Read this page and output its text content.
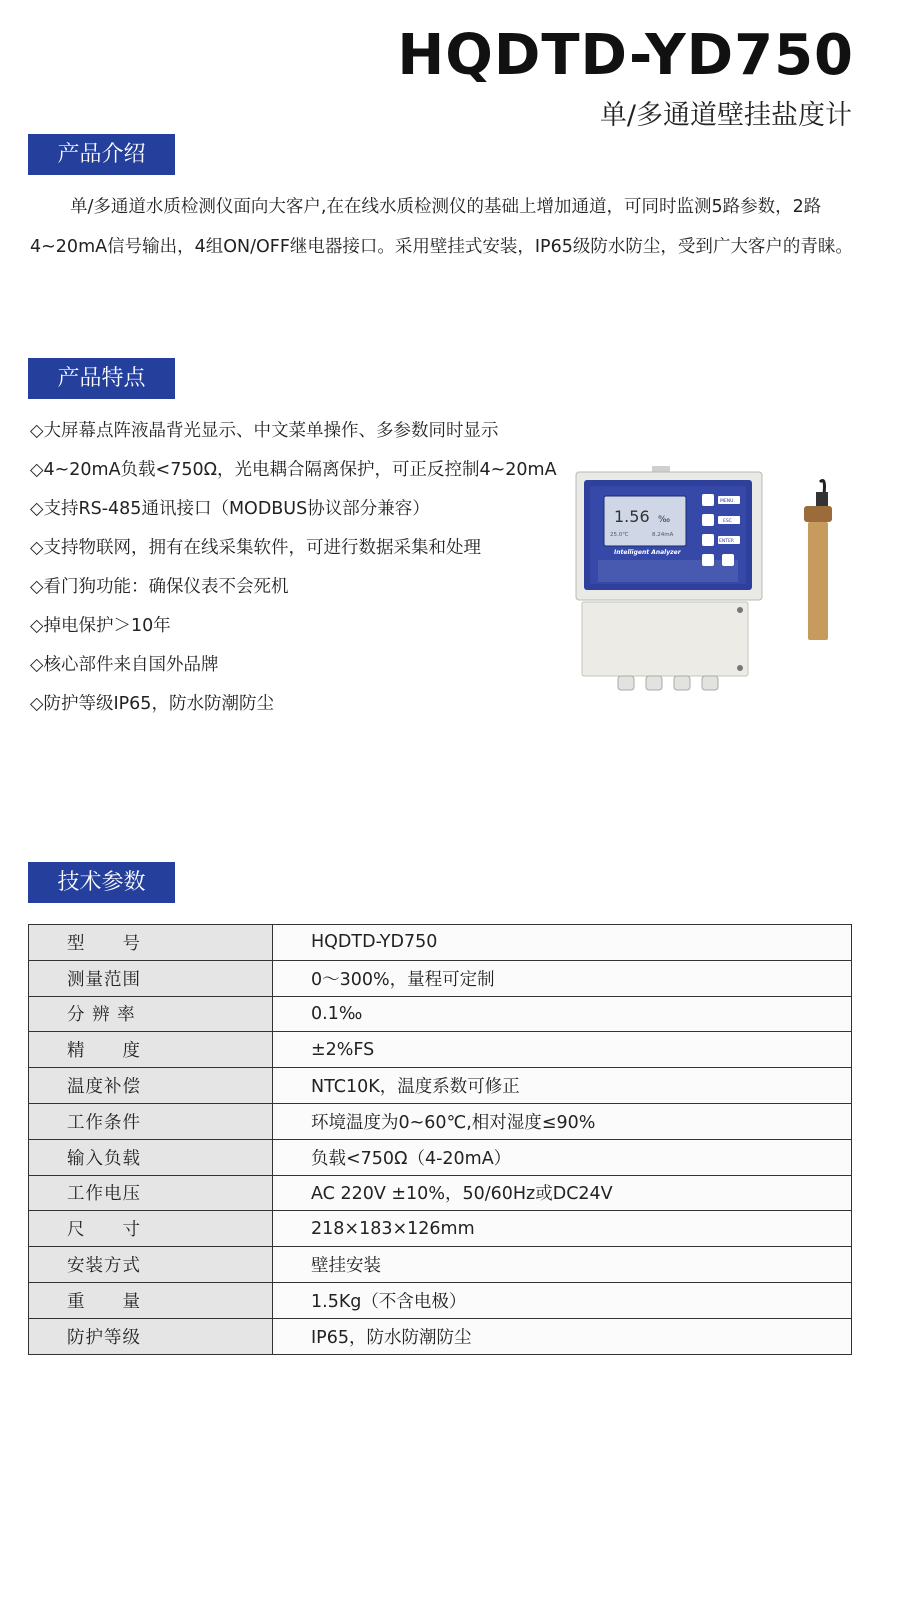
HQDTD-YD750
单/多通道壁挂盐度计
产品介绍

单/多通道水质检测仪面向大客户,在在线水质检测仪的基础上增加通道，可同时监测5路参数，2路4~20mA信号输出，4组ON/OFF继电器接口。采用壁挂式安装，IP65级防水防尘，受到广大客户的青睐。

产品特点
◇大屏幕点阵液晶背光显示、中文菜单操作、多参数同时显示
◇4~20mA负载<750Ω，光电耦合隔离保护，可正反控制4~20mA
◇支持RS-485通讯接口（MODBUS协议部分兼容）
◇支持物联网，拥有在线采集软件，可进行数据采集和处理
◇看门狗功能：确保仪表不会死机
◇掉电保护＞10年
◇核心部件来自国外品牌
◇防护等级IP65，防水防潮防尘
1.56 ‰
25.0℃	8.24mA
Intelligent Analyzer
MENU
ESC
ENTER
技术参数
型　　号	HQDTD-YD750
测量范围	0～300%，量程可定制
分 辨 率	0.1‰
精　　度	±2%FS
温度补偿	NTC10K，温度系数可修正
工作条件	环境温度为0~60℃,相对湿度≤90%
输入负载	负载<750Ω（4-20mA）
工作电压	AC 220V ±10%，50/60Hz或DC24V
尺　　寸	218×183×126mm
安装方式	壁挂安装
重　　量	1.5Kg（不含电极）
防护等级	IP65，防水防潮防尘
